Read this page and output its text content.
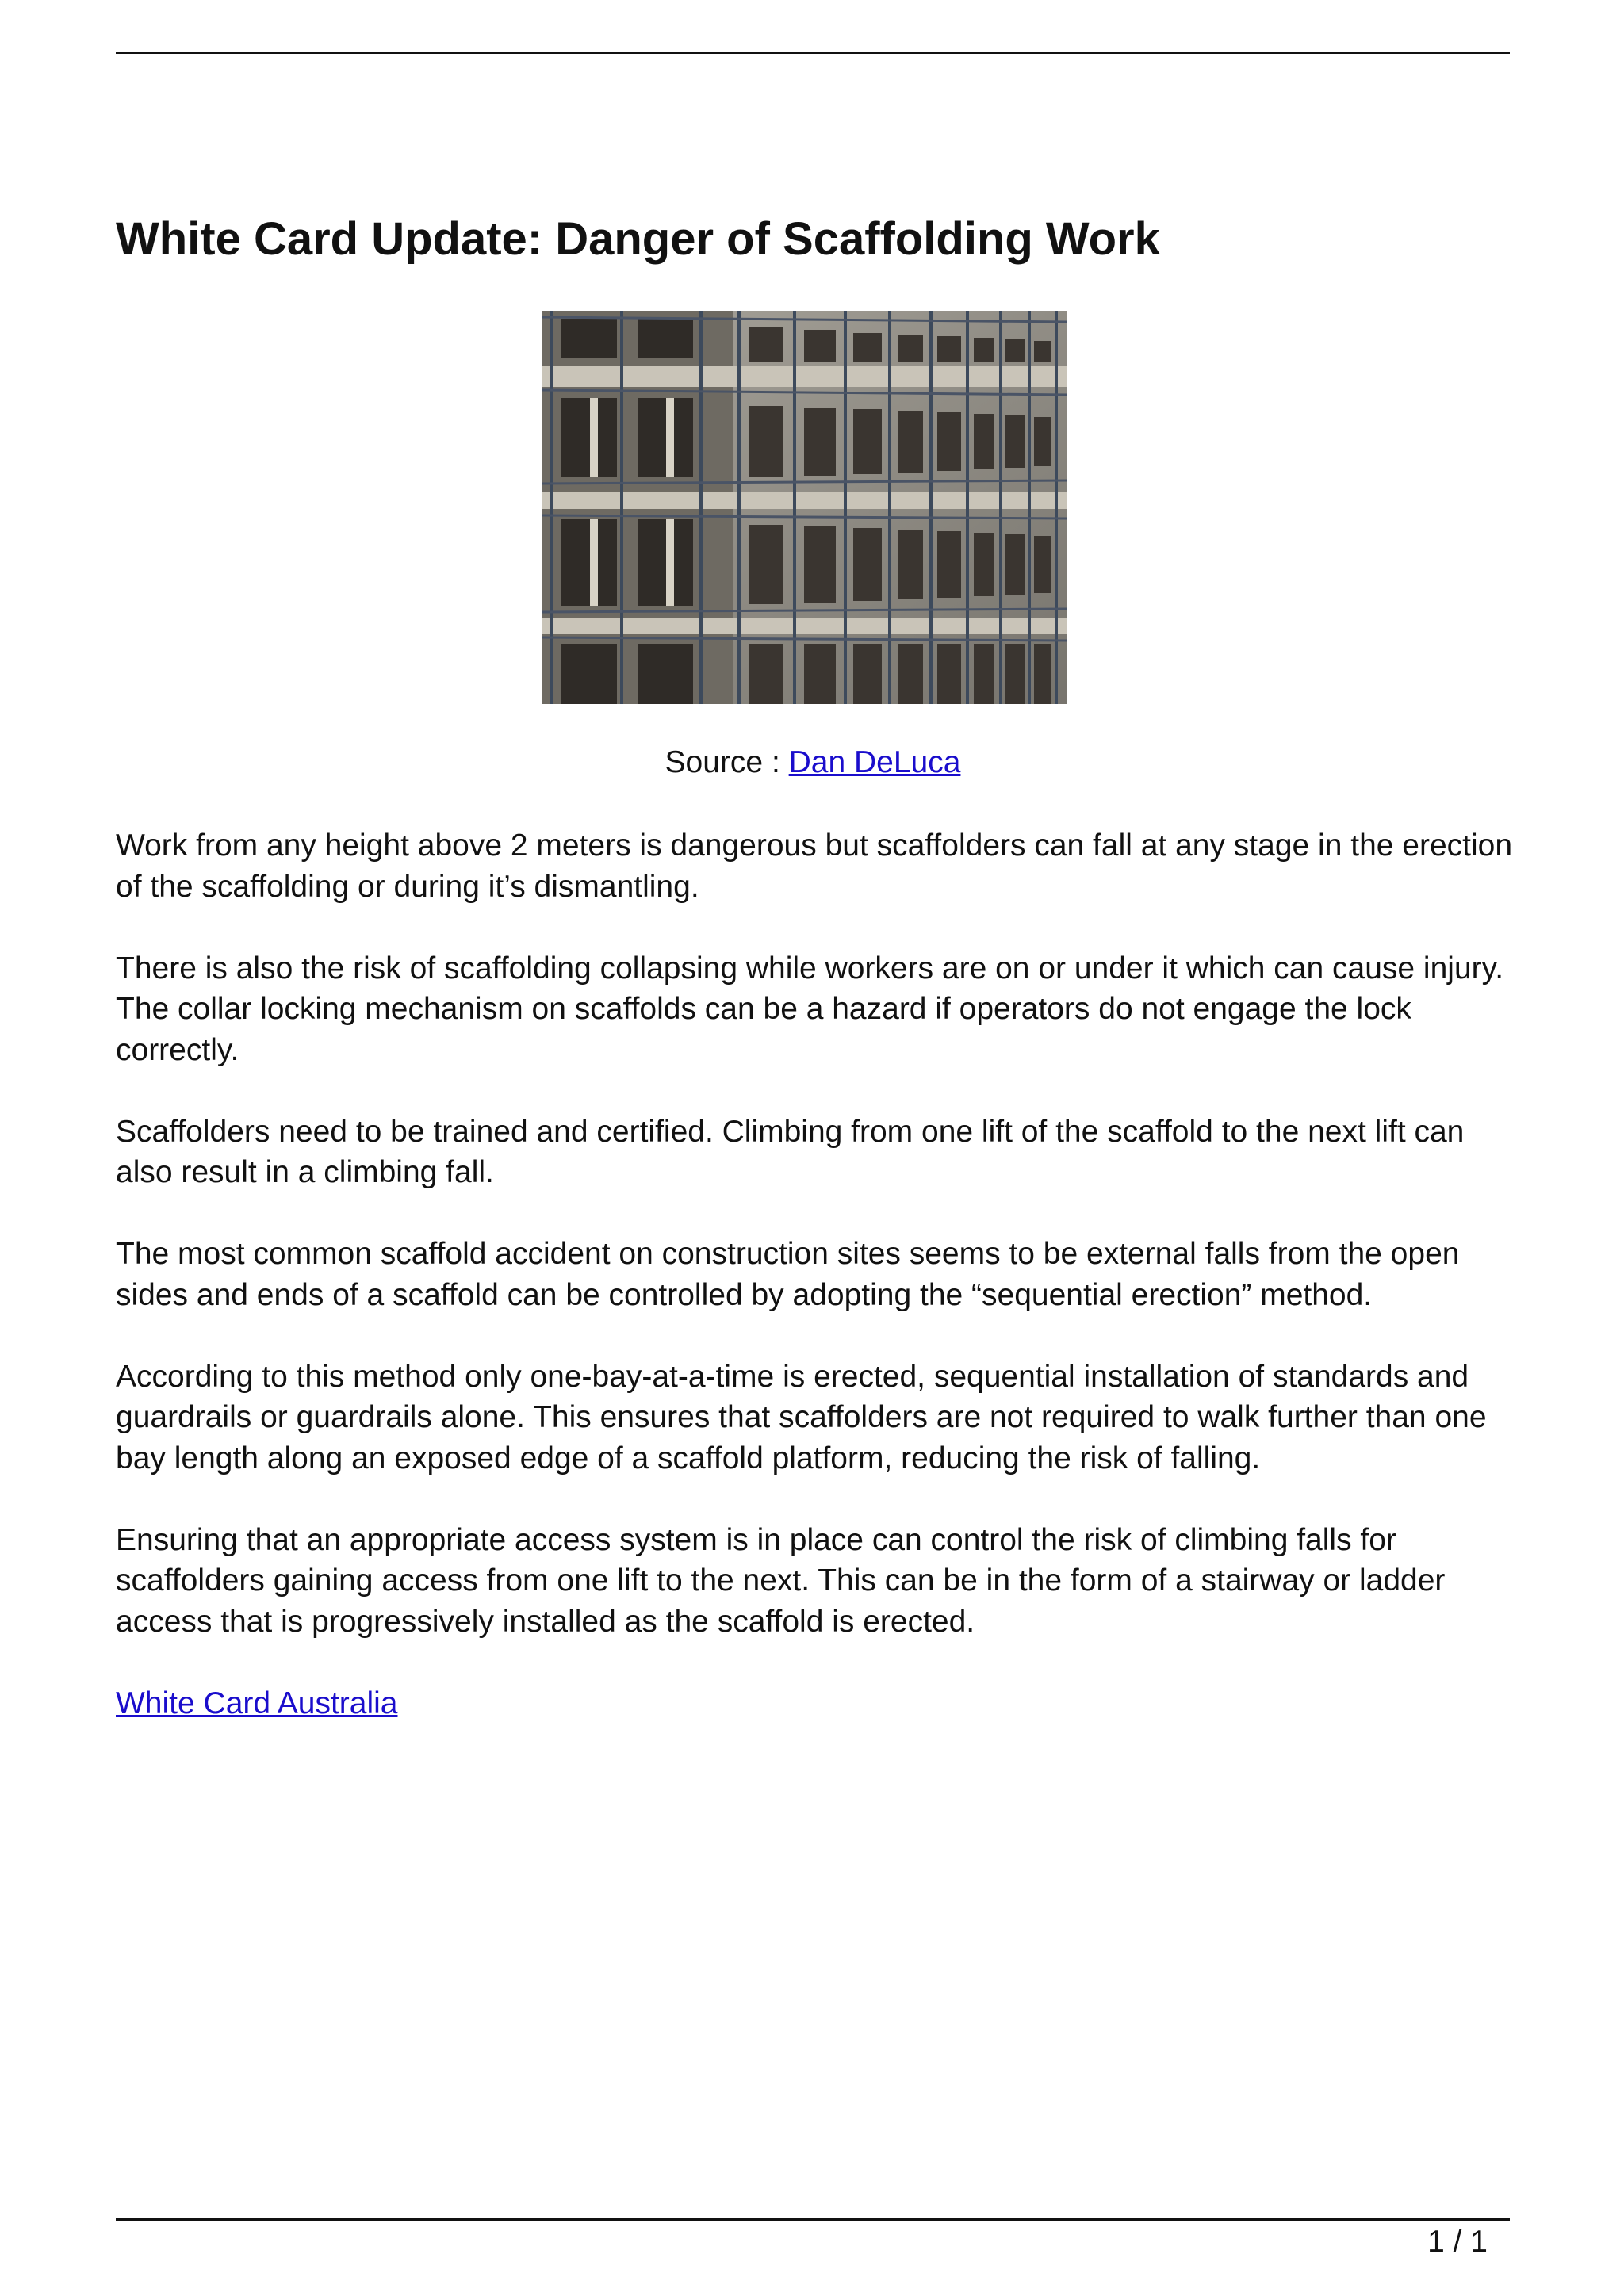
White Card Update: Danger of Scaffolding Work
Source : Dan DeLuca

Work from any height above 2 meters is dangerous but scaffolders can fall at any stage in the erection of the scaffolding or during it’s dismantling.

There is also the risk of scaffolding collapsing while workers are on or under it which can cause injury. The collar locking mechanism on scaffolds can be a hazard if operators do not engage the lock correctly.

Scaffolders need to be trained and certified. Climbing from one lift of the scaffold to the next lift can also result in a climbing fall.

The most common scaffold accident on construction sites seems to be external falls from the open sides and ends of a scaffold can be controlled by adopting the “sequential erection” method.

According to this method only one-bay-at-a-time is erected, sequential installation of standards and guardrails or guardrails alone. This ensures that scaffolders are not required to walk further than one bay length along an exposed edge of a scaffold platform, reducing the risk of falling.

Ensuring that an appropriate access system is in place can control the risk of climbing falls for scaffolders gaining access from one lift to the next. This can be in the form of a stairway or ladder access that is progressively installed as the scaffold is erected.

White Card Australia

1 / 1
